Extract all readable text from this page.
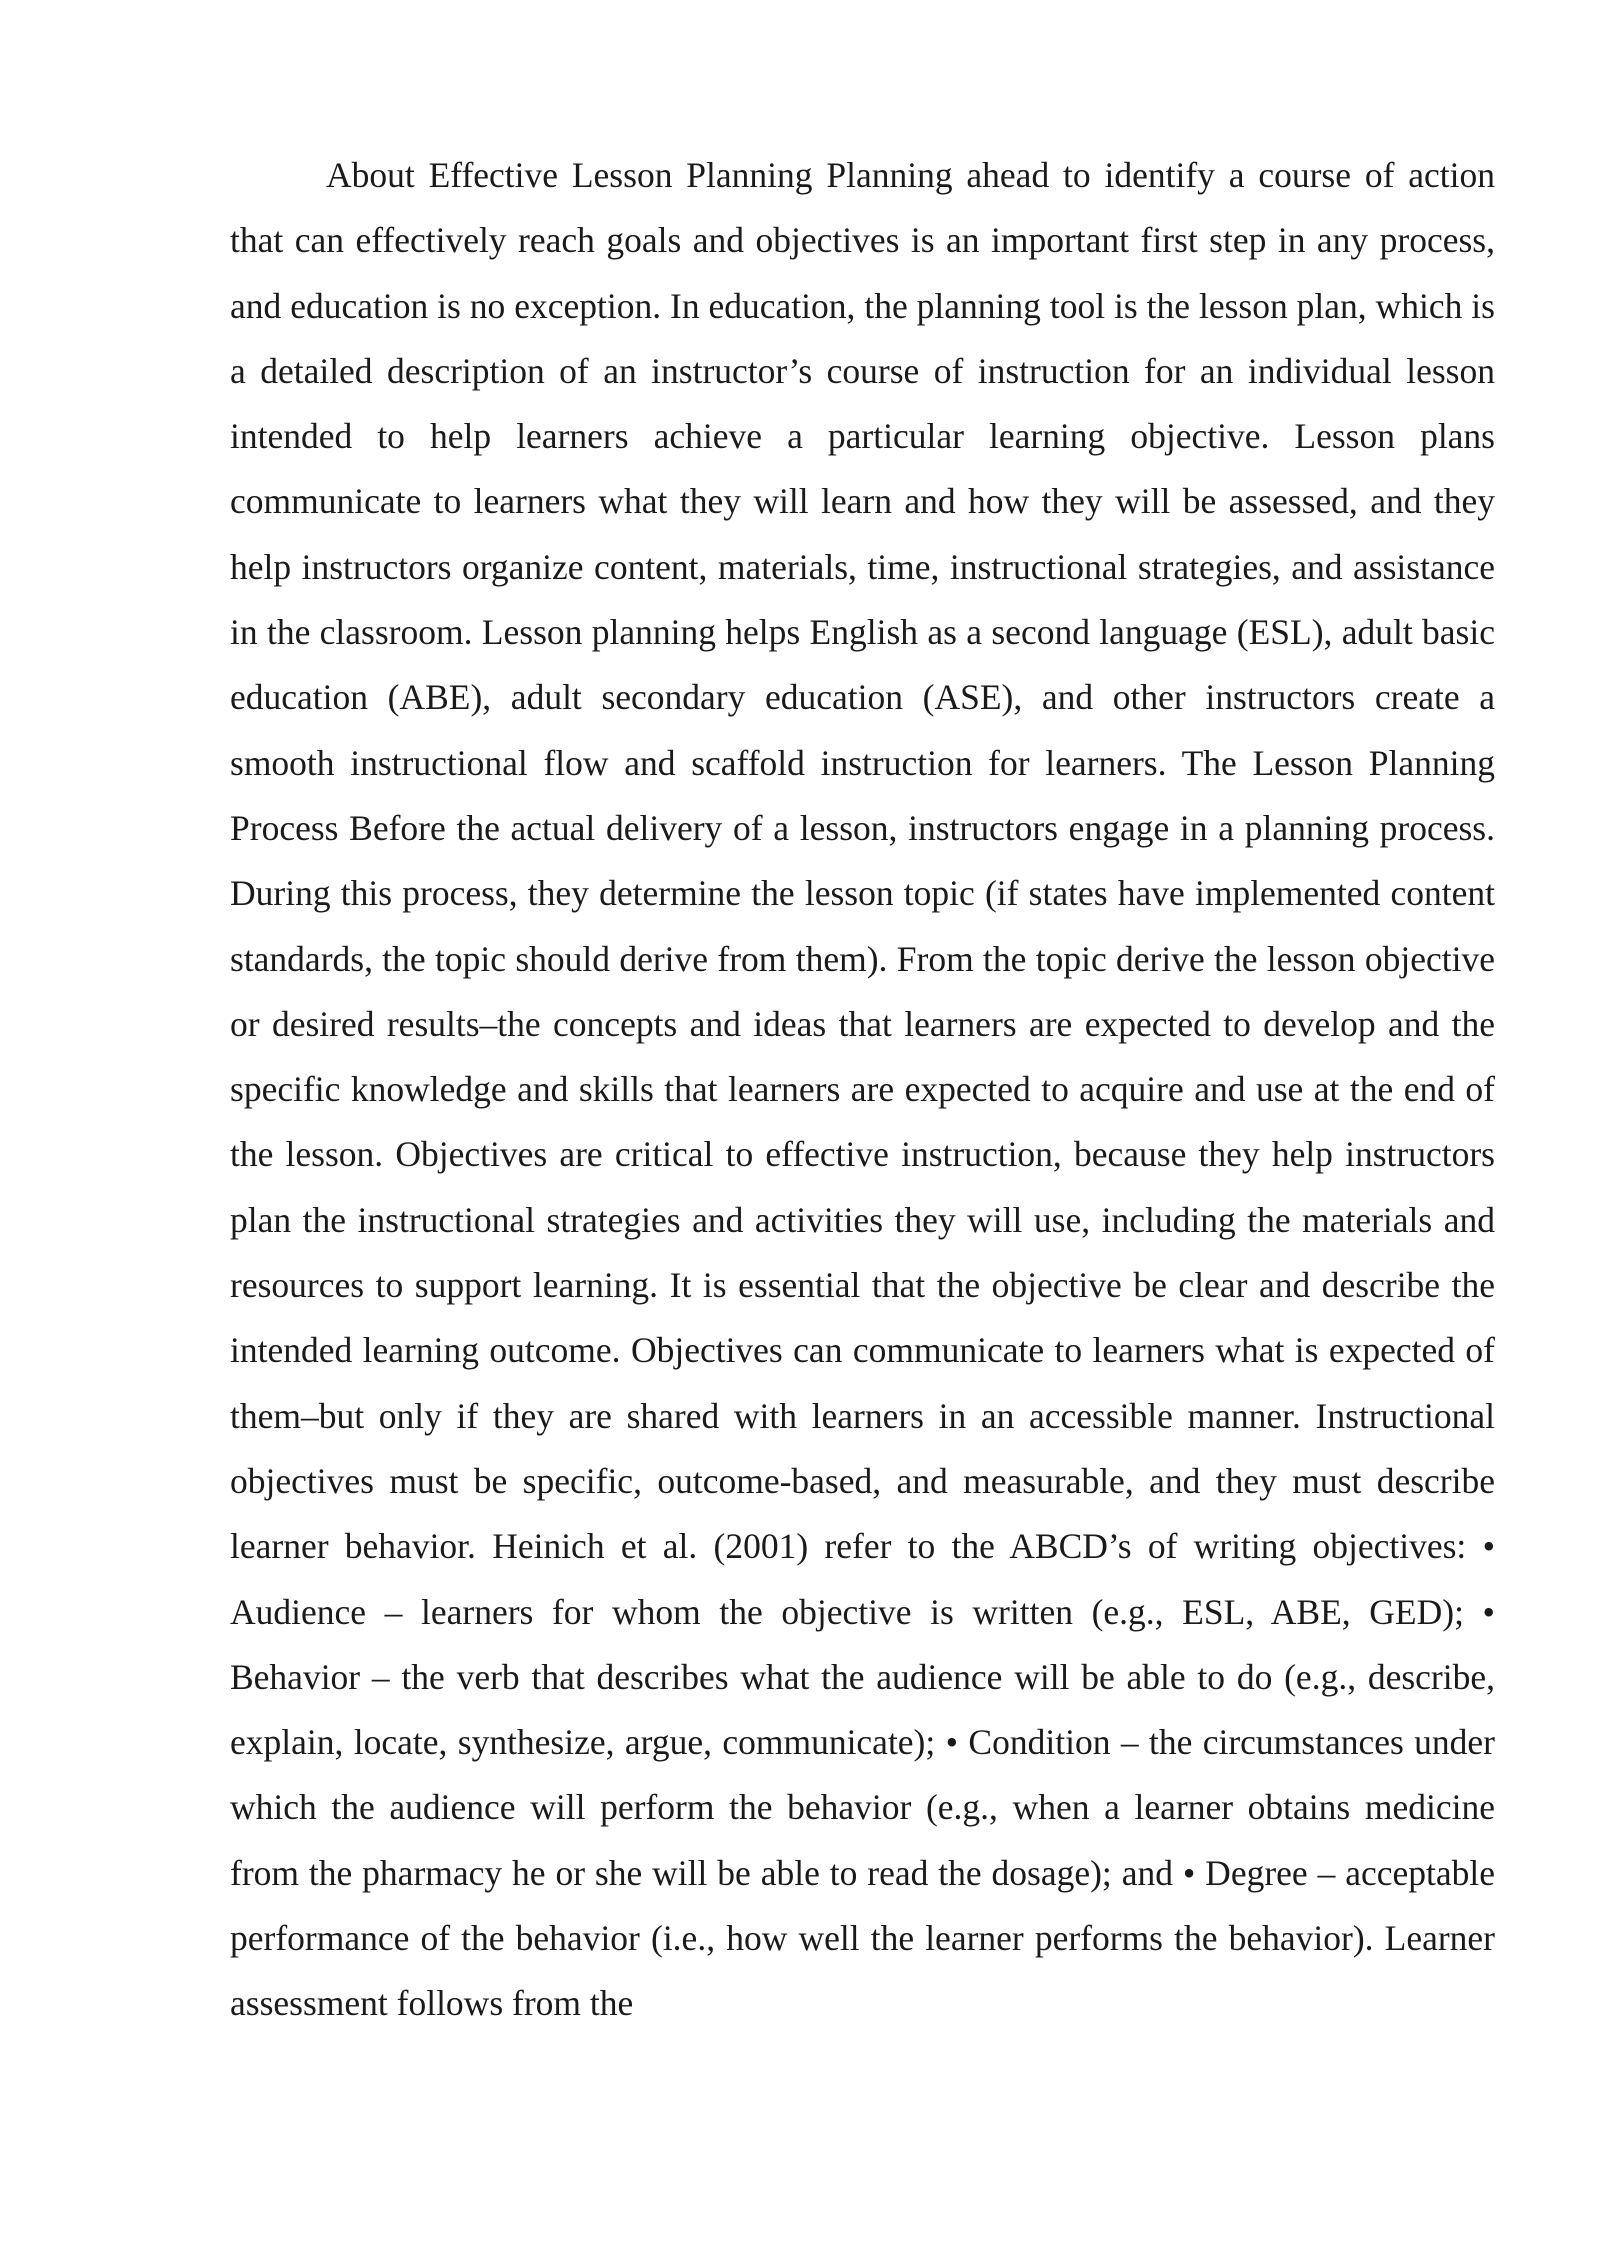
About Effective Lesson Planning Planning ahead to identify a course of action that can effectively reach goals and objectives is an important first step in any process, and education is no exception. In education, the planning tool is the lesson plan, which is a detailed description of an instructor’s course of instruction for an individual lesson intended to help learners achieve a particular learning objective. Lesson plans communicate to learners what they will learn and how they will be assessed, and they help instructors organize content, materials, time, instructional strategies, and assistance in the classroom. Lesson planning helps English as a second language (ESL), adult basic education (ABE), adult secondary education (ASE), and other instructors create a smooth instructional flow and scaffold instruction for learners. The Lesson Planning Process Before the actual delivery of a lesson, instructors engage in a planning process. During this process, they determine the lesson topic (if states have implemented content standards, the topic should derive from them). From the topic derive the lesson objective or desired results–the concepts and ideas that learners are expected to develop and the specific knowledge and skills that learners are expected to acquire and use at the end of the lesson. Objectives are critical to effective instruction, because they help instructors plan the instructional strategies and activities they will use, including the materials and resources to support learning. It is essential that the objective be clear and describe the intended learning outcome. Objectives can communicate to learners what is expected of them–but only if they are shared with learners in an accessible manner. Instructional objectives must be specific, outcome-based, and measurable, and they must describe learner behavior. Heinich et al. (2001) refer to the ABCD’s of writing objectives: • Audience – learners for whom the objective is written (e.g., ESL, ABE, GED); • Behavior – the verb that describes what the audience will be able to do (e.g., describe, explain, locate, synthesize, argue, communicate); • Condition – the circumstances under which the audience will perform the behavior (e.g., when a learner obtains medicine from the pharmacy he or she will be able to read the dosage); and • Degree – acceptable performance of the behavior (i.e., how well the learner performs the behavior). Learner assessment follows from the
